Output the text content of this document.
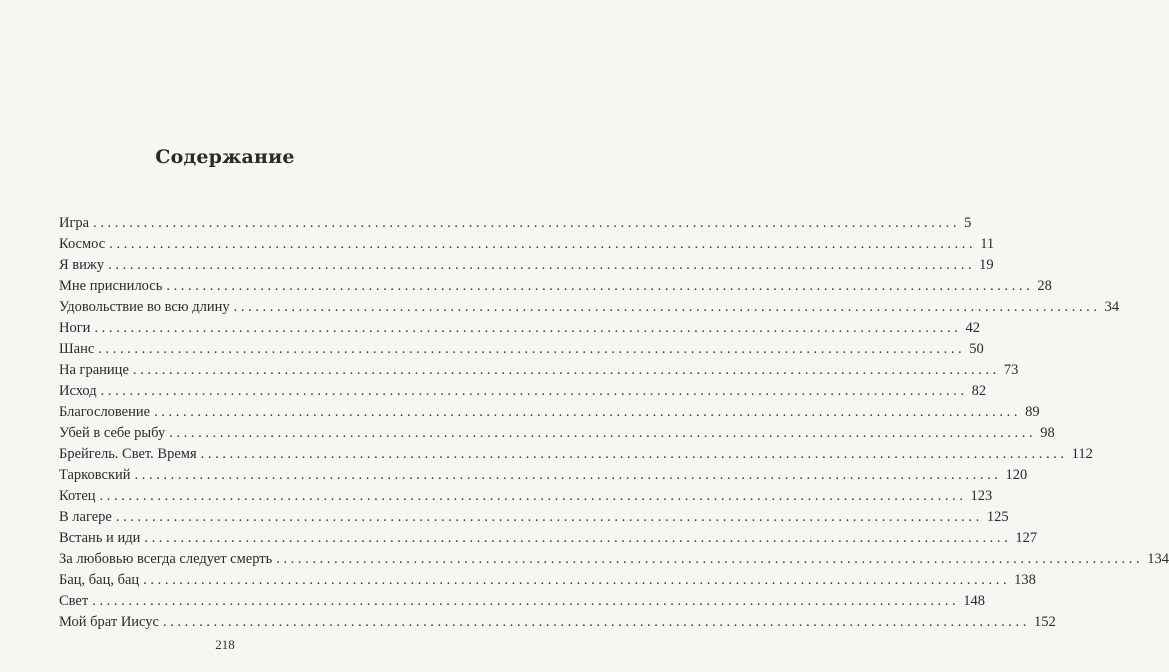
Содержание
Игра ........................................................................................................................ 5
Космос ........................................................................................................................ 11
Я вижу ........................................................................................................................ 19
Мне приснилось ........................................................................................................................ 28
Удовольствие во всю длину ........................................................................................................................ 34
Ноги ........................................................................................................................ 42
Шанс ........................................................................................................................ 50
На границе ........................................................................................................................ 73
Исход ........................................................................................................................ 82
Благословение ........................................................................................................................ 89
Убей в себе рыбу ........................................................................................................................ 98
Брейгель. Свет. Время ........................................................................................................................ 112
Тарковский ........................................................................................................................ 120
Котец ........................................................................................................................ 123
В лагере ........................................................................................................................ 125
Встань и иди ........................................................................................................................ 127
За любовью всегда следует смерть ........................................................................................................................ 134
Бац, бац, бац ........................................................................................................................ 138
Свет ........................................................................................................................ 148
Мой брат Иисус ........................................................................................................................ 152
218
